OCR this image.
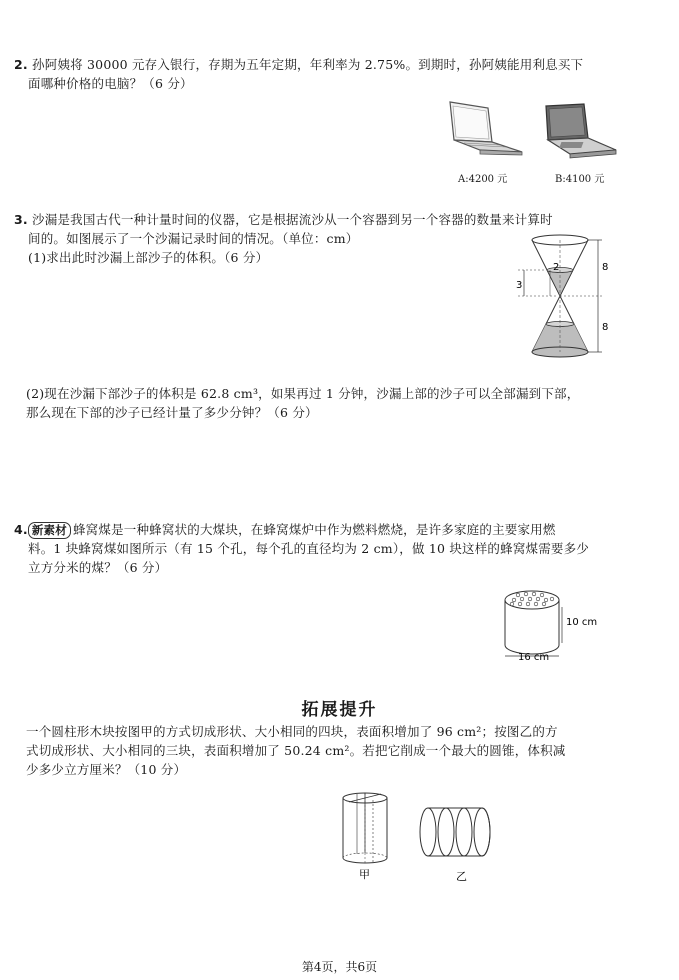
2. 孙阿姨将 30000 元存入银行，存期为五年定期，年利率为 2.75%。到期时，孙阿姨能用利息买下
面哪种价格的电脑？（6 分）
A:4200 元	B:4100 元
3. 沙漏是我国古代一种计量时间的仪器，它是根据流沙从一个容器到另一个容器的数量来计算时
间的。如图展示了一个沙漏记录时间的情况。（单位：cm）
(1)求出此时沙漏上部沙子的体积。（6 分）
2
3
8
8
(2)现在沙漏下部沙子的体积是 62.8 cm³，如果再过 1 分钟，沙漏上部的沙子可以全部漏到下部，
那么现在下部的沙子已经计量了多少分钟？（6 分）
4. 新素材 蜂窝煤是一种蜂窝状的大煤块，在蜂窝煤炉中作为燃料燃烧，是许多家庭的主要家用燃
料。1 块蜂窝煤如图所示（有 15 个孔，每个孔的直径均为 2 cm），做 10 块这样的蜂窝煤需要多少
立方分米的煤？（6 分）
10 cm
16 cm
拓展提升
一个圆柱形木块按图甲的方式切成形状、大小相同的四块，表面积增加了 96 cm²；按图乙的方
式切成形状、大小相同的三块，表面积增加了 50.24 cm²。若把它削成一个最大的圆锥，体积减
少多少立方厘米？（10 分）
甲	乙
第4页，共6页
